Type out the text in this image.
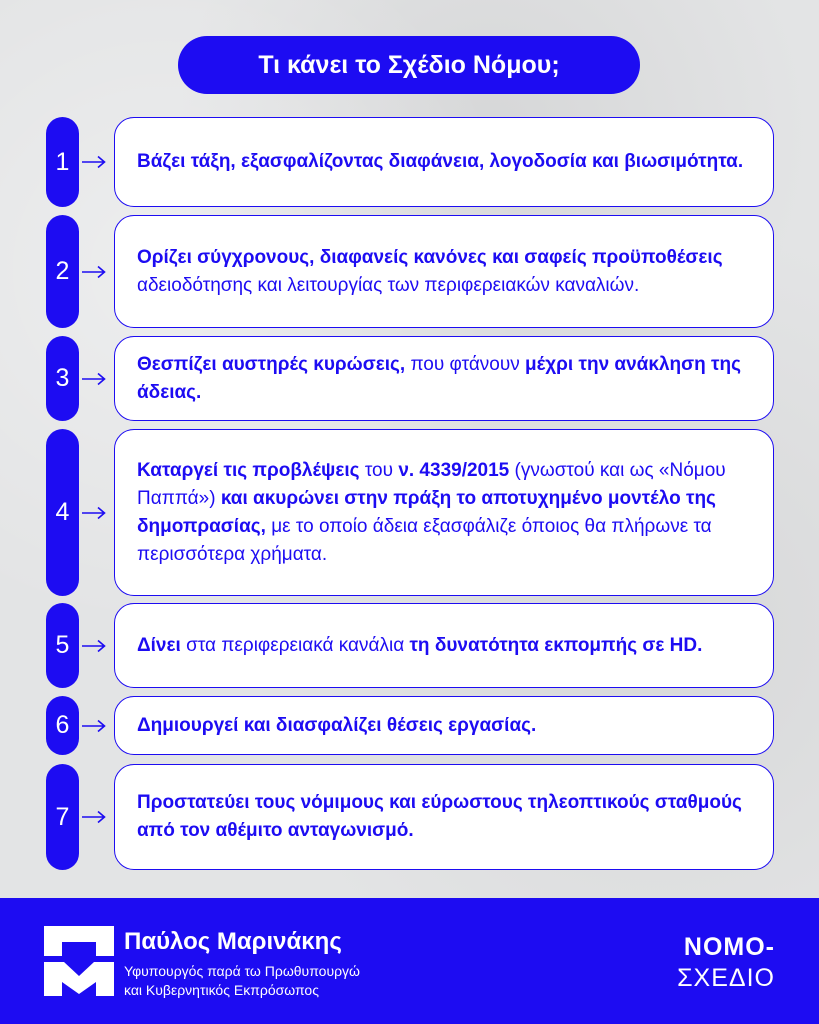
Τι κάνει το Σχέδιο Νόμου;
1	Βάζει τάξη, εξασφαλίζοντας διαφάνεια, λογοδοσία και βιωσιμότητα.

2	Ορίζει σύγχρονους, διαφανείς κανόνες και σαφείς προϋποθέσεις αδειοδότησης και λειτουργίας των περιφερειακών καναλιών.

3	Θεσπίζει αυστηρές κυρώσεις, που φτάνουν μέχρι την ανάκληση της άδειας.

4

Καταργεί τις προβλέψεις του ν. 4339/2015 (γνωστού και ως «Νόμου Παππά») και ακυρώνει στην πράξη το αποτυχημένο μοντέλο της δημοπρασίας, με το οποίο άδεια εξασφάλιζε όποιος θα πλήρωνε τα περισσότερα χρήματα.

5	Δίνει στα περιφερειακά κανάλια τη δυνατότητα εκπομπής σε HD.

6	Δημιουργεί και διασφαλίζει θέσεις εργασίας.

7	Προστατεύει τους νόμιμους και εύρωστους τηλεοπτικούς σταθμούς από τον αθέμιτο ανταγωνισμό.

Παύλος Μαρινάκης
Υφυπουργός παρά τω Πρωθυπουργώ
και Κυβερνητικός Εκπρόσωπος
ΝΟΜΟ-
ΣΧΕΔΙΟ
